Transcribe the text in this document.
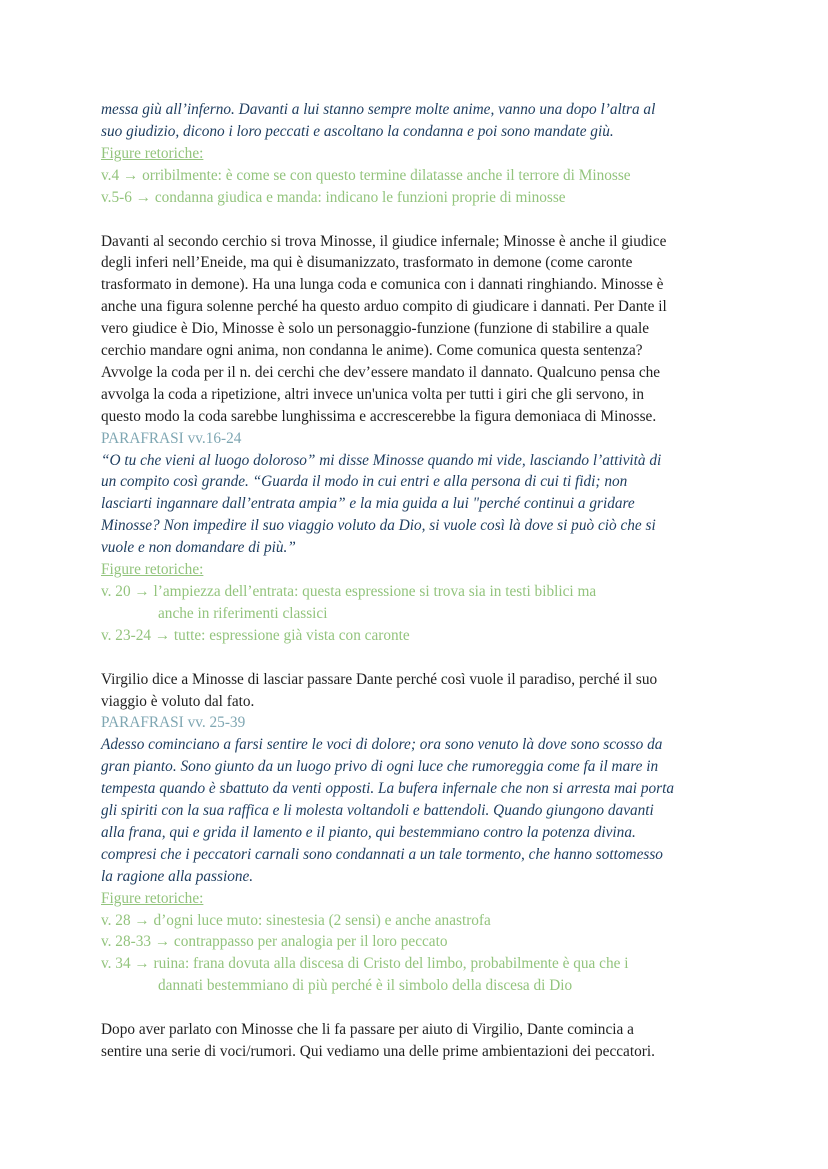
messa giù all’inferno. Davanti a lui stanno sempre molte anime, vanno una dopo l’altra al
suo giudizio, dicono i loro peccati e ascoltano la condanna e poi sono mandate giù.
Figure retoriche:
v.4 → orribilmente: è come se con questo termine dilatasse anche il terrore di Minosse
v.5-6 → condanna giudica e manda: indicano le funzioni proprie di minosse
Davanti al secondo cerchio si trova Minosse, il giudice infernale; Minosse è anche il giudice
degli inferi nell’Eneide, ma qui è disumanizzato, trasformato in demone (come caronte
trasformato in demone). Ha una lunga coda e comunica con i dannati ringhiando. Minosse è
anche una figura solenne perché ha questo arduo compito di giudicare i dannati. Per Dante il
vero giudice è Dio, Minosse è solo un personaggio-funzione (funzione di stabilire a quale
cerchio mandare ogni anima, non condanna le anime). Come comunica questa sentenza?
Avvolge la coda per il n. dei cerchi che dev’essere mandato il dannato. Qualcuno pensa che
avvolga la coda a ripetizione, altri invece un'unica volta per tutti i giri che gli servono, in
questo modo la coda sarebbe lunghissima e accrescerebbe la figura demoniaca di Minosse.
PARAFRASI vv.16-24
“O tu che vieni al luogo doloroso” mi disse Minosse quando mi vide, lasciando l’attività di
un compito così grande. “Guarda il modo in cui entri e alla persona di cui ti fidi; non
lasciarti ingannare dall’entrata ampia” e la mia guida a lui "perché continui a gridare
Minosse? Non impedire il suo viaggio voluto da Dio, si vuole così là dove si può ciò che si
vuole e non domandare di più.”
Figure retoriche:
v. 20 → l’ampiezza dell’entrata: questa espressione si trova sia in testi biblici ma
anche in riferimenti classici
v. 23-24 → tutte: espressione già vista con caronte
Virgilio dice a Minosse di lasciar passare Dante perché così vuole il paradiso, perché il suo
viaggio è voluto dal fato.
PARAFRASI vv. 25-39
Adesso cominciano a farsi sentire le voci di dolore; ora sono venuto là dove sono scosso da
gran pianto. Sono giunto da un luogo privo di ogni luce che rumoreggia come fa il mare in
tempesta quando è sbattuto da venti opposti. La bufera infernale che non si arresta mai porta
gli spiriti con la sua raffica e li molesta voltandoli e battendoli. Quando giungono davanti
alla frana, qui e grida il lamento e il pianto, qui bestemmiano contro la potenza divina.
compresi che i peccatori carnali sono condannati a un tale tormento, che hanno sottomesso
la ragione alla passione.
Figure retoriche:
v. 28 → d’ogni luce muto: sinestesia (2 sensi) e anche anastrofa
v. 28-33 → contrappasso per analogia per il loro peccato
v. 34 → ruina: frana dovuta alla discesa di Cristo del limbo, probabilmente è qua che i
dannati bestemmiano di più perché è il simbolo della discesa di Dio
Dopo aver parlato con Minosse che li fa passare per aiuto di Virgilio, Dante comincia a
sentire una serie di voci/rumori. Qui vediamo una delle prime ambientazioni dei peccatori.
